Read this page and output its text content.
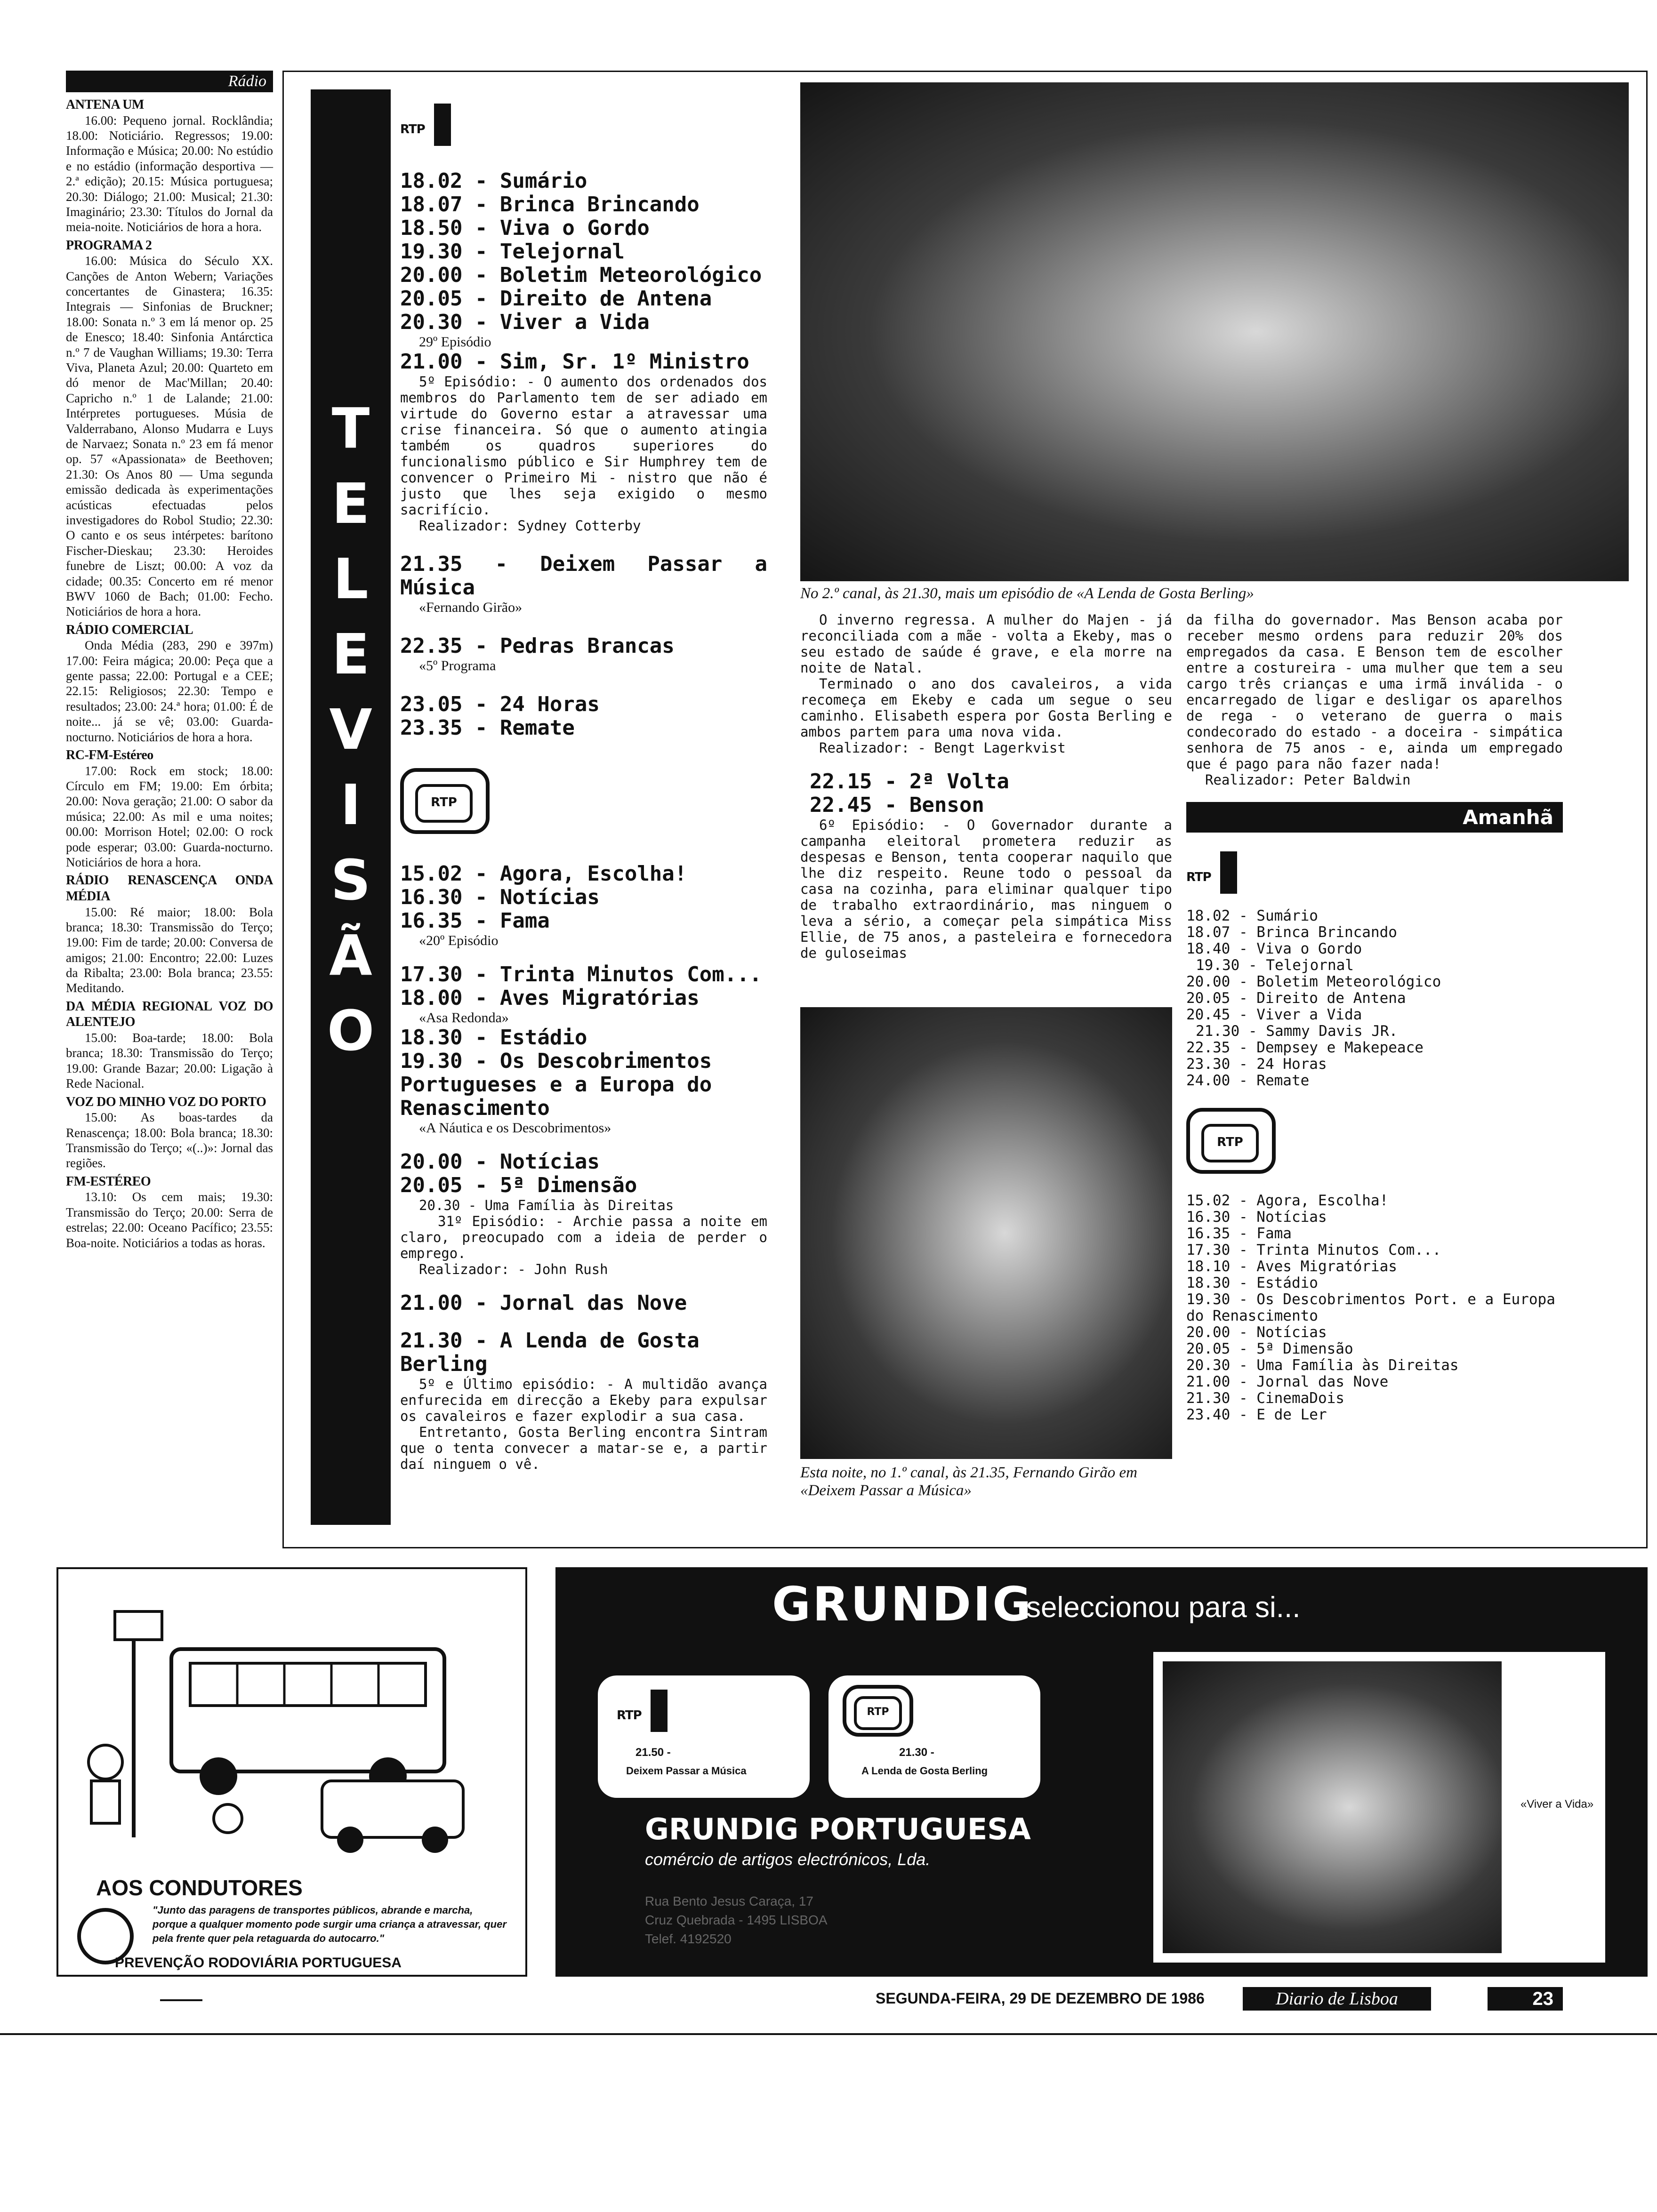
Rádio
ANTENA UM

16.00: Pequeno jornal. Rocklândia; 18.00: Noticiário. Regressos; 19.00: Informação e Música; 20.00: No estúdio e no estádio (informação desportiva — 2.ª edição); 20.15: Música portuguesa; 20.30: Diálogo; 21.00: Musical; 21.30: Imaginário; 23.30: Títulos do Jornal da meia-noite. Noticiários de hora a hora.

PROGRAMA 2

16.00: Música do Século XX. Canções de Anton Webern; Variações concertantes de Ginastera; 16.35: Integrais — Sinfonias de Bruckner; 18.00: Sonata n.º 3 em lá menor op. 25 de Enesco; 18.40: Sinfonia Antárctica n.º 7 de Vaughan Williams; 19.30: Terra Viva, Planeta Azul; 20.00: Quarteto em dó menor de Mac'Millan; 20.40: Capricho n.º 1 de Lalande; 21.00: Intérpretes portugueses. Músia de Valderrabano, Alonso Mudarra e Luys de Narvaez; Sonata n.º 23 em fá menor op. 57 «Apassionata» de Beethoven; 21.30: Os Anos 80 — Uma segunda emissão dedicada às experimentações acústicas efectuadas pelos investigadores do Robol Studio; 22.30: O canto e os seus intérpetes: barítono Fischer-Dieskau; 23.30: Heroides funebre de Liszt; 00.00: A voz da cidade; 00.35: Concerto em ré menor BWV 1060 de Bach; 01.00: Fecho. Noticiários de hora a hora.

RÁDIO COMERCIAL

Onda Média (283, 290 e 397m) 17.00: Feira mágica; 20.00: Peça que a gente passa; 22.00: Portugal e a CEE; 22.15: Religiosos; 22.30: Tempo e resultados; 23.00: 24.ª hora; 01.00: É de noite... já se vê; 03.00: Guarda-nocturno. Noticiários de hora a hora.

RC-FM-Estéreo

17.00: Rock em stock; 18.00: Círculo em FM; 19.00: Em órbita; 20.00: Nova geração; 21.00: O sabor da música; 22.00: As mil e uma noites; 00.00: Morrison Hotel; 02.00: O rock pode esperar; 03.00: Guarda-nocturno. Noticiários de hora a hora.

RÁDIO RENASCENÇA ONDA MÉDIA

15.00: Ré maior; 18.00: Bola branca; 18.30: Transmissão do Terço; 19.00: Fim de tarde; 20.00: Conversa de amigos; 21.00: Encontro; 22.00: Luzes da Ribalta; 23.00: Bola branca; 23.55: Meditando.

DA MÉDIA REGIONAL VOZ DO ALENTEJO

15.00: Boa-tarde; 18.00: Bola branca; 18.30: Transmissão do Terço; 19.00: Grande Bazar; 20.00: Ligação à Rede Nacional.

VOZ DO MINHO VOZ DO PORTO

15.00: As boas-tardes da Renascença; 18.00: Bola branca; 18.30: Transmissão do Terço; «(..)»: Jornal das regiões.

FM-ESTÉREO

13.10: Os cem mais; 19.30: Transmissão do Terço; 20.00: Serra de estrelas; 22.00: Oceano Pacífico; 23.55: Boa-noite. Noticiários a todas as horas.

T
E
L
E
V
I
S
Ã
O
RTP
18.02 - Sumário
18.07 - Brinca Brincando
18.50 - Viva o Gordo
19.30 - Telejornal
20.00 - Boletim Meteorológico
20.05 - Direito de Antena
20.30 - Viver a Vida
29º Episódio
21.00 - Sim, Sr. 1º Ministro
5º Episódio: - O aumento dos ordenados dos membros do Parlamento tem de ser adiado em virtude do Governo estar a atravessar uma crise financeira. Só que o aumento atingia também os quadros superiores do funcionalismo público e Sir Humphrey tem de convencer o Primeiro Mi - nistro que não é justo que lhes seja exigido o mesmo sacrifício.
Realizador: Sydney Cotterby
21.35 - Deixem Passar a Música
«Fernando Girão»
22.35 - Pedras Brancas
«5º Programa
23.05 - 24 Horas
23.35 - Remate
RTP
15.02 - Agora, Escolha!
16.30 - Notícias
16.35 - Fama
«20º Episódio
17.30 - Trinta Minutos Com...
18.00 - Aves Migratórias
«Asa Redonda»
18.30 - Estádio
19.30 - Os Descobrimentos Portugueses e a Europa do Renascimento
«A Náutica e os Descobrimentos»
20.00 - Notícias
20.05 - 5ª Dimensão
20.30 - Uma Família às Direitas
31º Episódio: - Archie passa a noite em claro, preocupado com a ideia de perder o emprego.
Realizador: - John Rush
21.00 - Jornal das Nove
21.30 - A Lenda de Gosta Berling
5º e Último episódio: - A multidão avança enfurecida em direcção a Ekeby para expulsar os cavaleiros e fazer explodir a sua casa.
Entretanto, Gosta Berling encontra Sintram que o tenta convecer a matar-se e, a partir daí ninguem o vê.
No 2.º canal, às 21.30, mais um episódio de «A Lenda de Gosta Berling»
O inverno regressa. A mulher do Majen - já reconciliada com a mãe - volta a Ekeby, mas o seu estado de saúde é grave, e ela morre na noite de Natal.
Terminado o ano dos cavaleiros, a vida recomeça em Ekeby e cada um segue o seu caminho. Elisabeth espera por Gosta Berling e ambos partem para uma nova vida.
Realizador: - Bengt Lagerkvist
22.15 - 2ª Volta
22.45 - Benson
6º Episódio: - O Governador durante a campanha eleitoral prometera reduzir as despesas e Benson, tenta cooperar naquilo que lhe diz respeito. Reune todo o pessoal da casa na cozinha, para eliminar qualquer tipo de trabalho extraordinário, mas ninguem o leva a sério, a começar pela simpática Miss Ellie, de 75 anos, a pasteleira e fornecedora de guloseimas
Esta noite, no 1.º canal, às 21.35, Fernando Girão em «Deixem Passar a Música»
da filha do governador. Mas Benson acaba por receber mesmo ordens para reduzir 20% dos empregados da casa. E Benson tem de escolher entre a costureira - uma mulher que tem a seu cargo três crianças e uma irmã inválida - o encarregado de ligar e desligar os aparelhos de rega - o veterano de guerra o mais condecorado do estado - a doceira - simpática senhora de 75 anos - e, ainda um empregado que é pago para não fazer nada!
Realizador: Peter Baldwin
Amanhã
RTP
18.02 - Sumário
18.07 - Brinca Brincando
18.40 - Viva o Gordo
19.30 - Telejornal
20.00 - Boletim Meteorológico
20.05 - Direito de Antena
20.45 - Viver a Vida
21.30 - Sammy Davis JR.
22.35 - Dempsey e Makepeace
23.30 - 24 Horas
24.00 - Remate
RTP
15.02 - Agora, Escolha!
16.30 - Notícias
16.35 - Fama
17.30 - Trinta Minutos Com...
18.10 - Aves Migratórias
18.30 - Estádio
19.30 - Os Descobrimentos Port. e a Europa do Renascimento
20.00 - Notícias
20.05 - 5ª Dimensão
20.30 - Uma Família às Direitas
21.00 - Jornal das Nove
21.30 - CinemaDois
23.40 - E de Ler
AOS CONDUTORES
"Junto das paragens de transportes públicos, abrande e marcha, porque a qualquer momento pode surgir uma criança a atravessar, quer pela frente quer pela retaguarda do autocarro."
PREVENÇÃO RODOVIÁRIA PORTUGUESA
GRUNDIG
seleccionou para si...
RTP
21.50 -
Deixem Passar a Música
RTP
21.30 -
A Lenda de Gosta Berling
GRUNDIG PORTUGUESA
comércio de artigos electrónicos, Lda.
Rua Bento Jesus Caraça, 17
Cruz Quebrada - 1495 LISBOA
Telef. 4192520
«Viver a Vida»
SEGUNDA-FEIRA, 29 DE DEZEMBRO DE 1986	Diario de Lisboa	23
